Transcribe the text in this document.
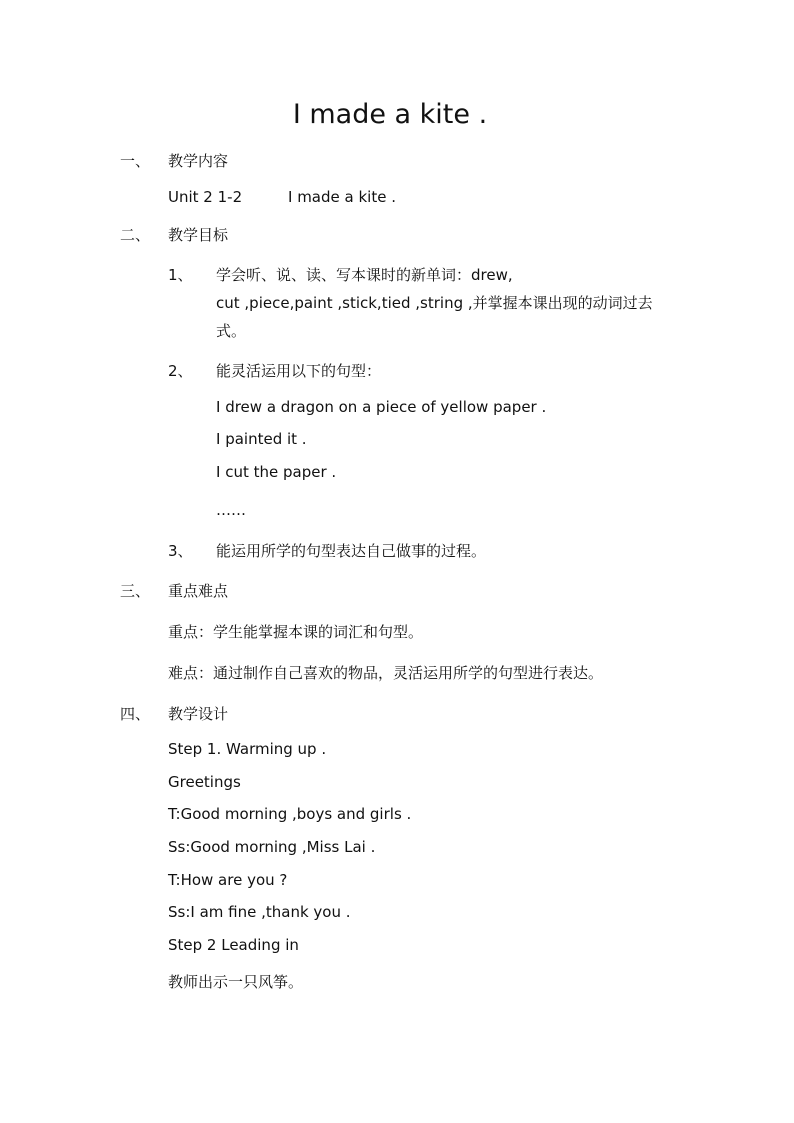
I made a kite .
一、 教学内容
Unit 2 1-2	I made a kite .
二、 教学目标
1、 学会听、说、读、写本课时的新单词：drew,
cut ,piece,paint ,stick,tied ,string ,并掌握本课出现的动词过去
式。
2、 能灵活运用以下的句型：
I drew a dragon on a piece of yellow paper .
I painted it .
I cut the paper .
……
3、 能运用所学的句型表达自己做事的过程。
三、 重点难点
重点：学生能掌握本课的词汇和句型。
难点：通过制作自己喜欢的物品，灵活运用所学的句型进行表达。
四、 教学设计
Step 1. Warming up .
Greetings
T:Good morning ,boys and girls .
Ss:Good morning ,Miss Lai .
T:How are you ?
Ss:I am fine ,thank you .
Step 2 Leading in
教师出示一只风筝。
